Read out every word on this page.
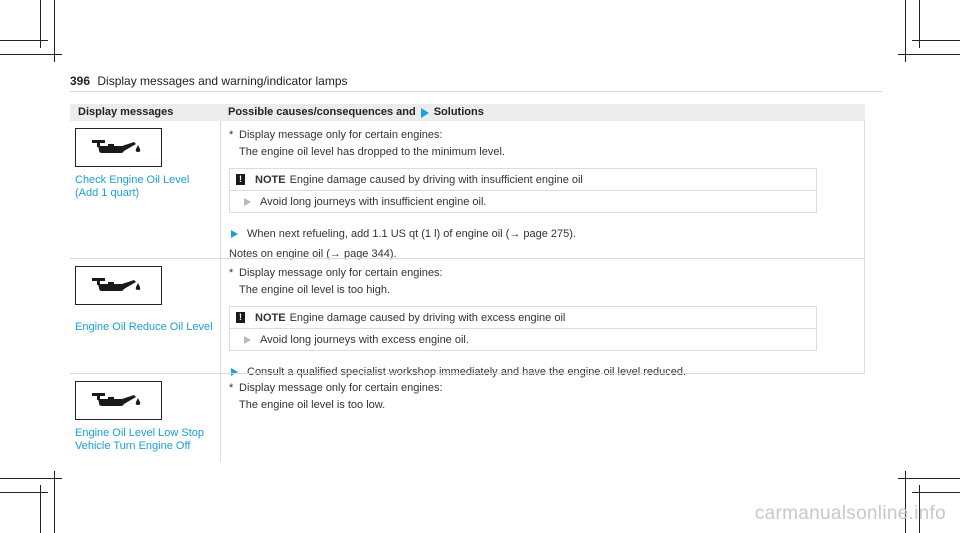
396 Display messages and warning/indicator lamps
Display messages	Possible causes/consequences and Solutions
Check Engine Oil Level
(Add 1 quart)
* Display message only for certain engines:
The engine oil level has dropped to the minimum level.
! NOTE Engine damage caused by driving with insufficient engine oil
Avoid long journeys with insufficient engine oil.
When next refueling, add 1.1 US qt (1 l) of engine oil (→ page 275).
Notes on engine oil (→ page 344).
Engine Oil Reduce Oil Level
* Display message only for certain engines:
The engine oil level is too high.
! NOTE Engine damage caused by driving with excess engine oil
Avoid long journeys with excess engine oil.
Consult a qualified specialist workshop immediately and have the engine oil level reduced.
Engine Oil Level Low Stop
Vehicle Turn Engine Off
* Display message only for certain engines:
The engine oil level is too low.
carmanualsonline.info
